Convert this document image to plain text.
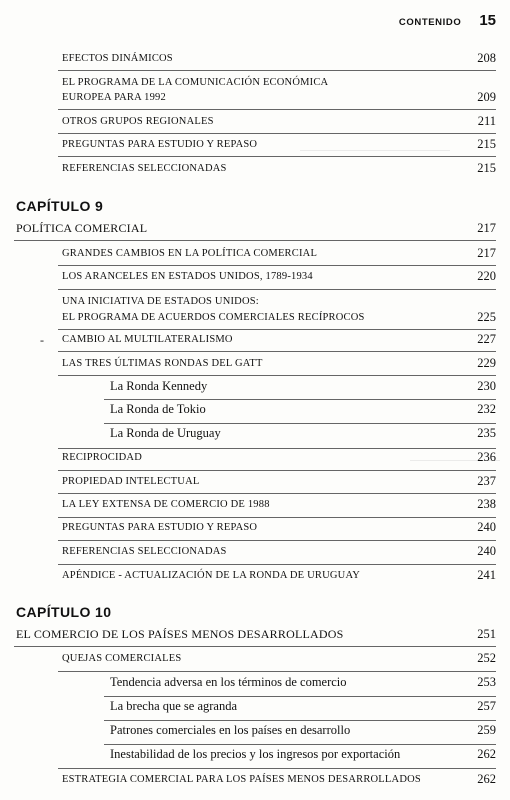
CONTENIDO 15
EFECTOS DINÁMICOS	208
EL PROGRAMA DE LA COMUNICACIÓN ECONÓMICA
EUROPEA PARA 1992	209
OTROS GRUPOS REGIONALES	211
PREGUNTAS PARA ESTUDIO Y REPASO	215
REFERENCIAS SELECCIONADAS	215
CAPÍTULO 9
POLÍTICA COMERCIAL	217
GRANDES CAMBIOS EN LA POLÍTICA COMERCIAL	217
LOS ARANCELES EN ESTADOS UNIDOS, 1789-1934	220
UNA INICIATIVA DE ESTADOS UNIDOS:
EL PROGRAMA DE ACUERDOS COMERCIALES RECÍPROCOS	225
- CAMBIO AL MULTILATERALISMO	227
LAS TRES ÚLTIMAS RONDAS DEL GATT	229
La Ronda Kennedy	230
La Ronda de Tokio	232
La Ronda de Uruguay	235
RECIPROCIDAD	236
PROPIEDAD INTELECTUAL	237
LA LEY EXTENSA DE COMERCIO DE 1988	238
PREGUNTAS PARA ESTUDIO Y REPASO	240
REFERENCIAS SELECCIONADAS	240
APÉNDICE - ACTUALIZACIÓN DE LA RONDA DE URUGUAY	241
CAPÍTULO 10
EL COMERCIO DE LOS PAÍSES MENOS DESARROLLADOS	251
QUEJAS COMERCIALES	252
Tendencia adversa en los términos de comercio	253
La brecha que se agranda	257
Patrones comerciales en los países en desarrollo	259
Inestabilidad de los precios y los ingresos por exportación	262
ESTRATEGIA COMERCIAL PARA LOS PAÍSES MENOS DESARROLLADOS	262
